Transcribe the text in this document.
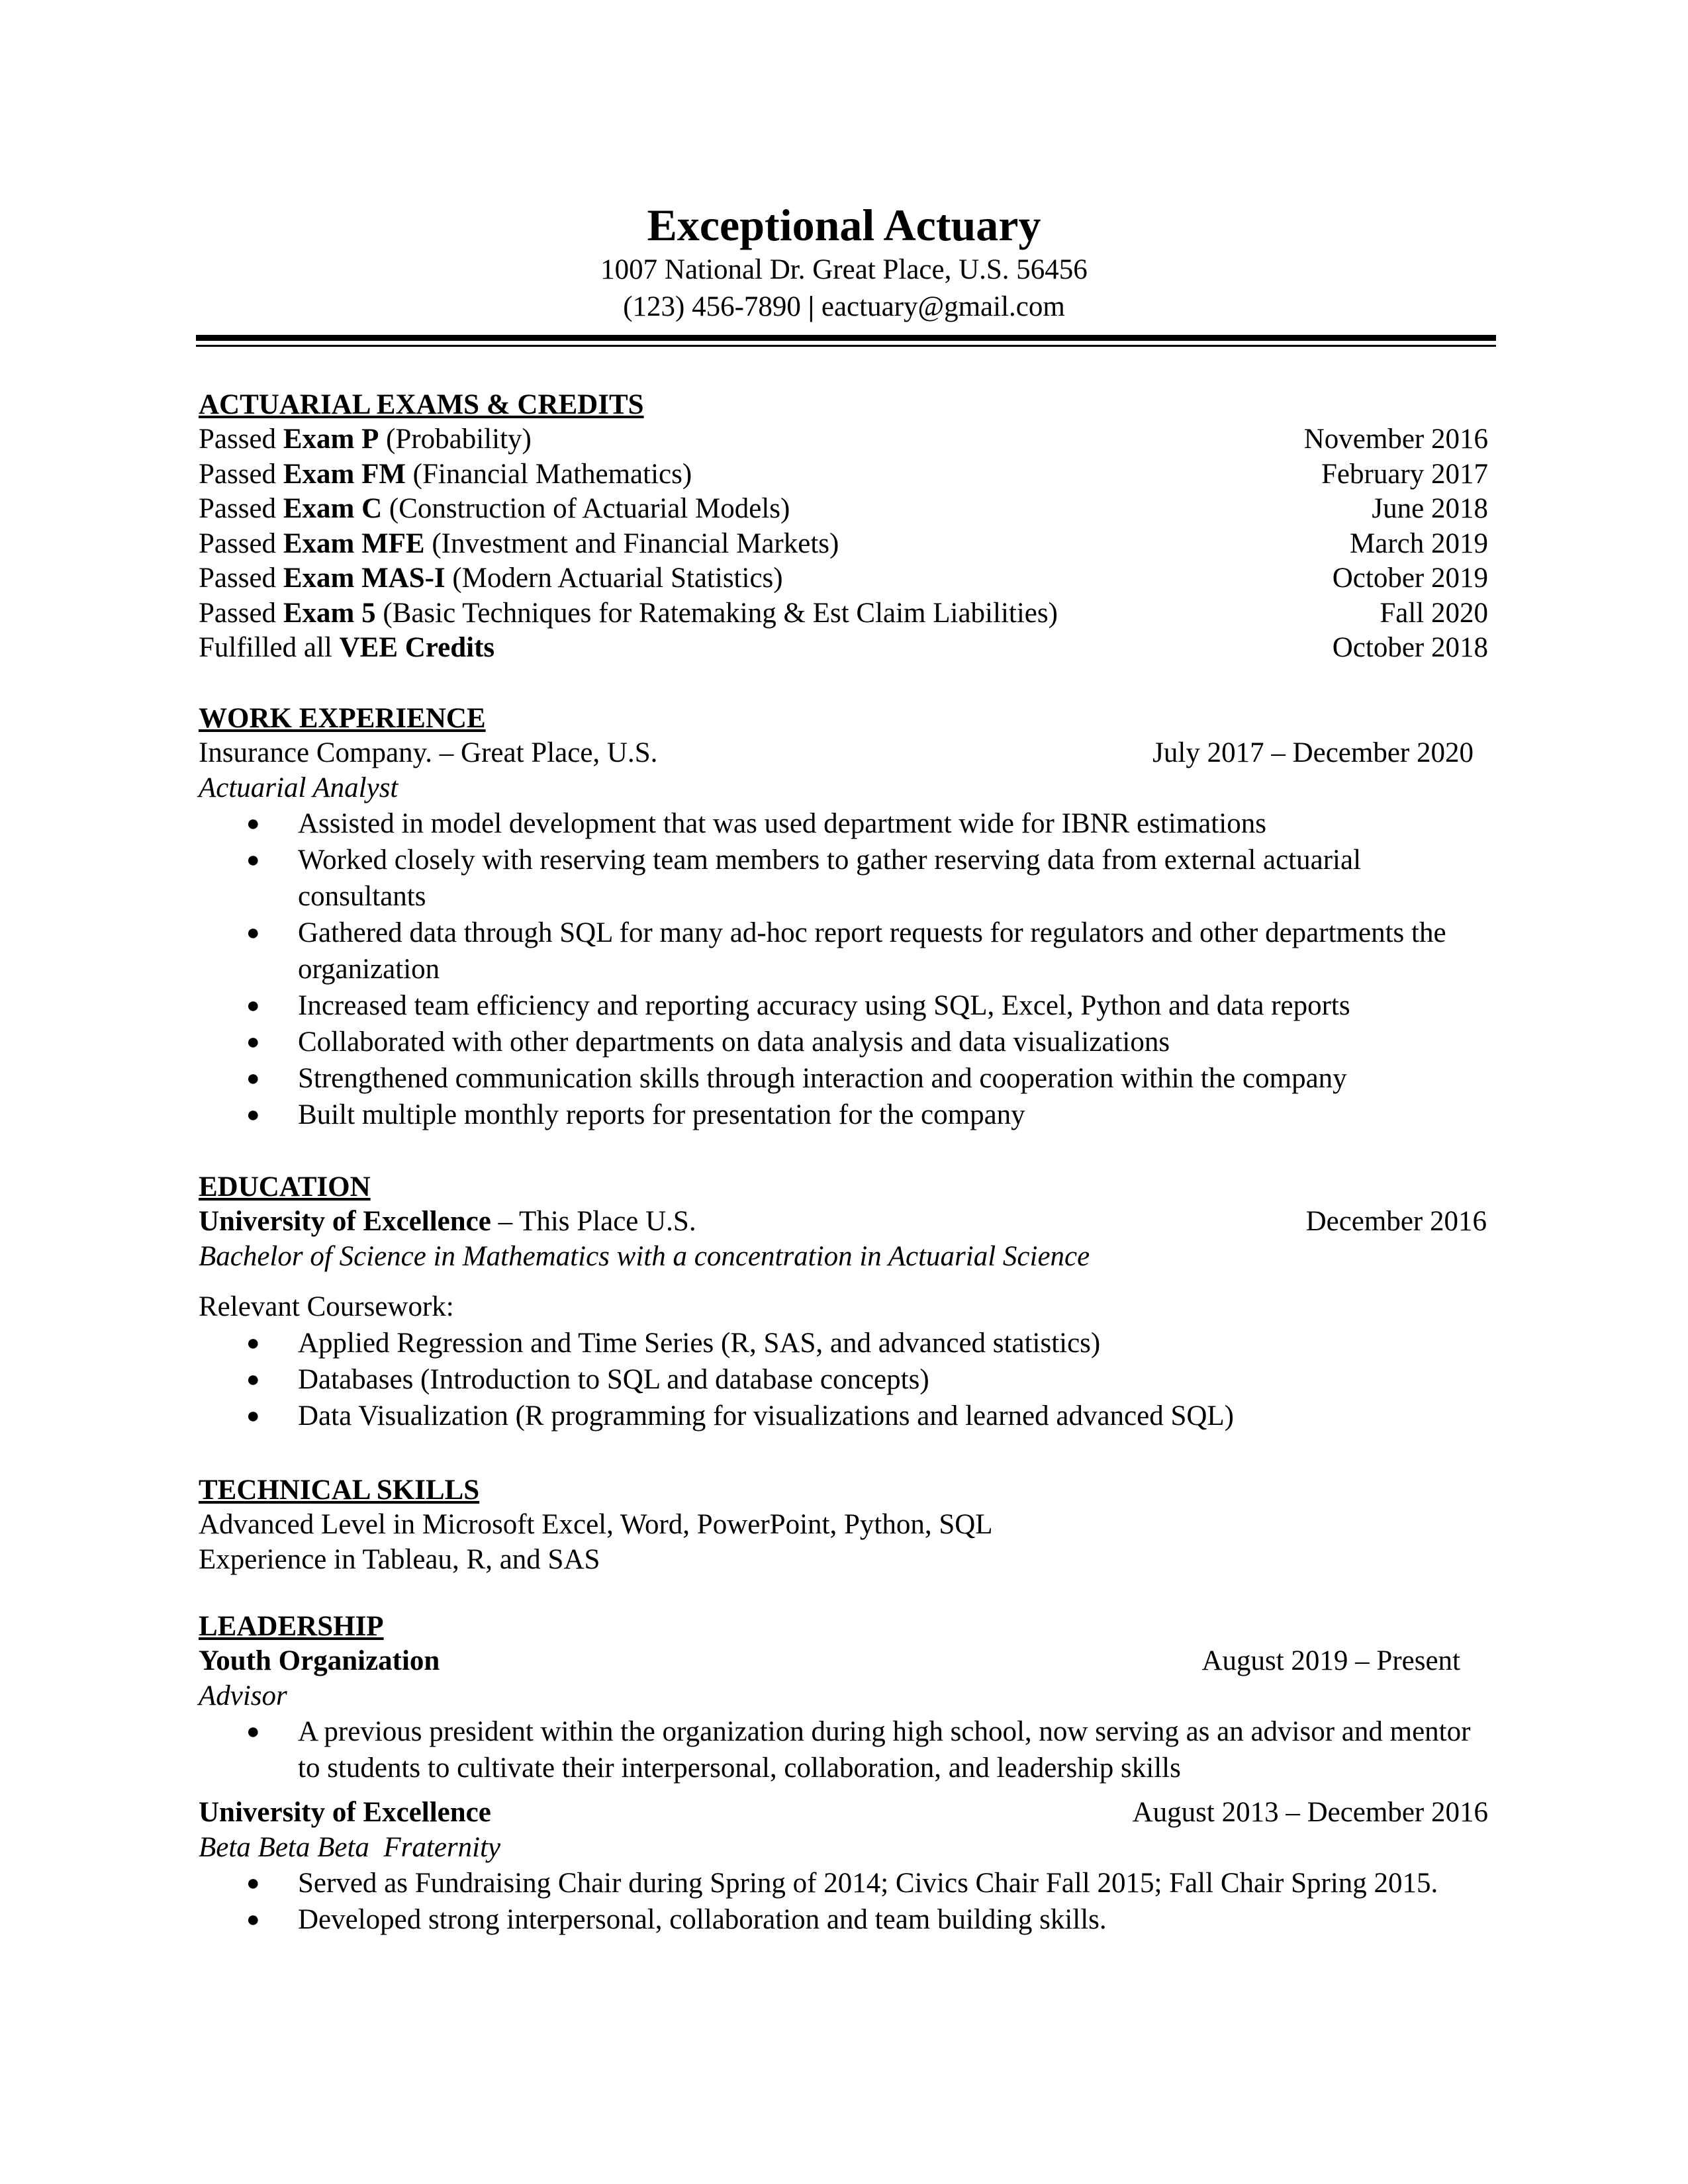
Exceptional Actuary
1007 National Dr. Great Place, U.S. 56456
(123) 456-7890 | eactuary@gmail.com
ACTUARIAL EXAMS & CREDITS
Passed Exam P (Probability)	November 2016
Passed Exam FM (Financial Mathematics)	February 2017
Passed Exam C (Construction of Actuarial Models)	June 2018
Passed Exam MFE (Investment and Financial Markets)	March 2019
Passed Exam MAS-I (Modern Actuarial Statistics)	October 2019
Passed Exam 5 (Basic Techniques for Ratemaking & Est Claim Liabilities)	Fall 2020
Fulfilled all VEE Credits	October 2018
WORK EXPERIENCE
Insurance Company. – Great Place, U.S.	July 2017 – December 2020
Actuarial Analyst
● Assisted in model development that was used department wide for IBNR estimations
● Worked closely with reserving team members to gather reserving data from external actuarial consultants
● Gathered data through SQL for many ad-hoc report requests for regulators and other departments the organization
● Increased team efficiency and reporting accuracy using SQL, Excel, Python and data reports
● Collaborated with other departments on data analysis and data visualizations
● Strengthened communication skills through interaction and cooperation within the company
● Built multiple monthly reports for presentation for the company
EDUCATION
University of Excellence – This Place U.S.	December 2016
Bachelor of Science in Mathematics with a concentration in Actuarial Science
Relevant Coursework:
● Applied Regression and Time Series (R, SAS, and advanced statistics)
● Databases (Introduction to SQL and database concepts)
● Data Visualization (R programming for visualizations and learned advanced SQL)
TECHNICAL SKILLS
Advanced Level in Microsoft Excel, Word, PowerPoint, Python, SQL
Experience in Tableau, R, and SAS
LEADERSHIP
Youth Organization	August 2019 – Present
Advisor
● A previous president within the organization during high school, now serving as an advisor and mentor to students to cultivate their interpersonal, collaboration, and leadership skills
University of Excellence	August 2013 – December 2016
Beta Beta Beta  Fraternity
● Served as Fundraising Chair during Spring of 2014; Civics Chair Fall 2015; Fall Chair Spring 2015.
● Developed strong interpersonal, collaboration and team building skills.
